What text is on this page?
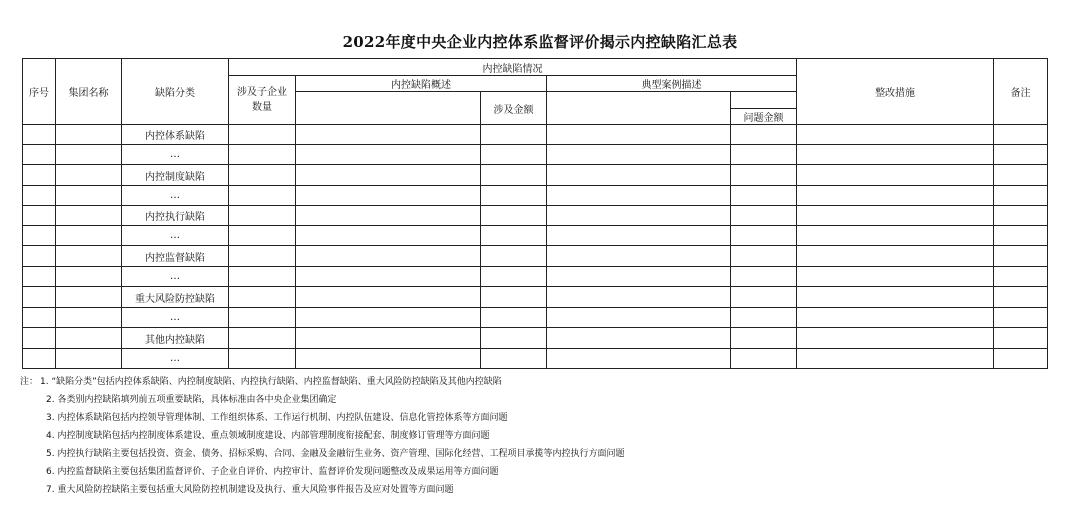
2022年度中央企业内控体系监督评价揭示内控缺陷汇总表
序号	集团名称	缺陷分类	内控缺陷情况					整改措施	备注
			涉及子企业数量	内控缺陷概述		典型案例描述			
					涉及金额				
							问题金额		
		内控体系缺陷							
		…							
		内控制度缺陷							
		…							
		内控执行缺陷							
		…							
		内控监督缺陷							
		…							
		重大风险防控缺陷							
		…							
		其他内控缺陷							
		…							
注： 1. “缺陷分类”包括内控体系缺陷、内控制度缺陷、内控执行缺陷、内控监督缺陷、重大风险防控缺陷及其他内控缺陷
2. 各类别内控缺陷填列前五项重要缺陷，具体标准由各中央企业集团确定
3. 内控体系缺陷包括内控领导管理体制、工作组织体系、工作运行机制、内控队伍建设、信息化管控体系等方面问题
4. 内控制度缺陷包括内控制度体系建设、重点领域制度建设、内部管理制度衔接配套、制度修订管理等方面问题
5. 内控执行缺陷主要包括投资、资金、债务、招标采购、合同、金融及金融衍生业务、资产管理、国际化经营、工程项目承揽等内控执行方面问题
6. 内控监督缺陷主要包括集团监督评价、子企业自评价、内控审计、监督评价发现问题整改及成果运用等方面问题
7. 重大风险防控缺陷主要包括重大风险防控机制建设及执行、重大风险事件报告及应对处置等方面问题
